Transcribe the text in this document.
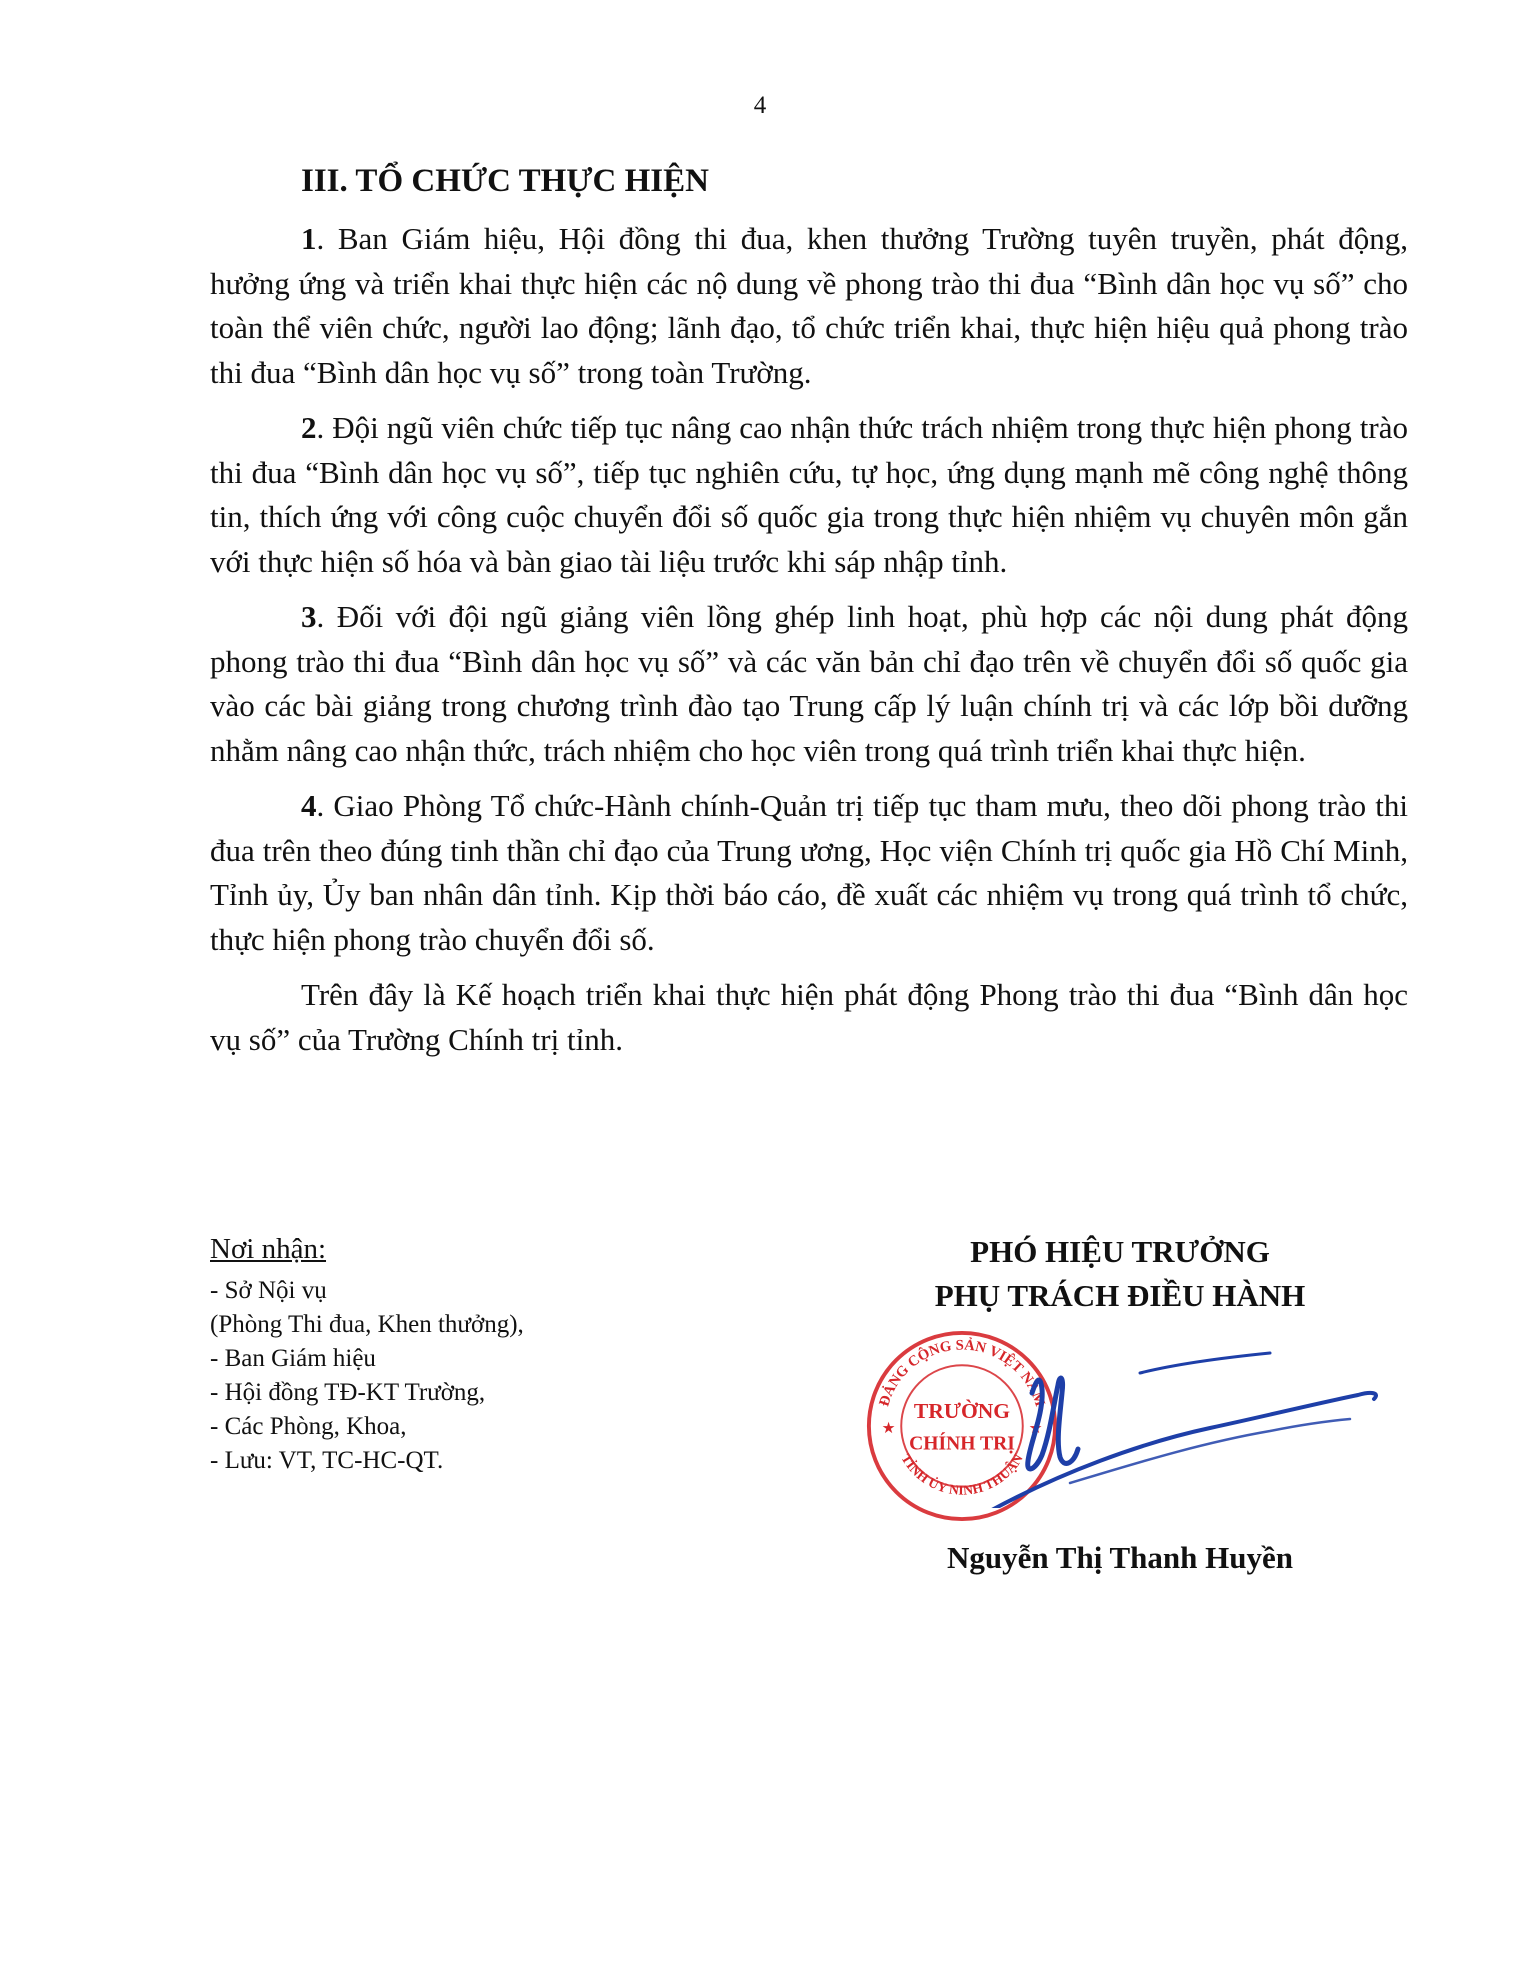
4
III. TỔ CHỨC THỰC HIỆN

1. Ban Giám hiệu, Hội đồng thi đua, khen thưởng Trường tuyên truyền, phát động, hưởng ứng và triển khai thực hiện các nộ dung về phong trào thi đua “Bình dân học vụ số” cho toàn thể viên chức, người lao động; lãnh đạo, tổ chức triển khai, thực hiện hiệu quả phong trào thi đua “Bình dân học vụ số” trong toàn Trường.

2. Đội ngũ viên chức tiếp tục nâng cao nhận thức trách nhiệm trong thực hiện phong trào thi đua “Bình dân học vụ số”, tiếp tục nghiên cứu, tự học, ứng dụng mạnh mẽ công nghệ thông tin, thích ứng với công cuộc chuyển đổi số quốc gia trong thực hiện nhiệm vụ chuyên môn gắn với thực hiện số hóa và bàn giao tài liệu trước khi sáp nhập tỉnh.

3. Đối với đội ngũ giảng viên lồng ghép linh hoạt, phù hợp các nội dung phát động phong trào thi đua “Bình dân học vụ số” và các văn bản chỉ đạo trên về chuyển đổi số quốc gia vào các bài giảng trong chương trình đào tạo Trung cấp lý luận chính trị và các lớp bồi dưỡng nhằm nâng cao nhận thức, trách nhiệm cho học viên trong quá trình triển khai thực hiện.

4. Giao Phòng Tổ chức-Hành chính-Quản trị tiếp tục tham mưu, theo dõi phong trào thi đua trên theo đúng tinh thần chỉ đạo của Trung ương, Học viện Chính trị quốc gia Hồ Chí Minh, Tỉnh ủy, Ủy ban nhân dân tỉnh. Kịp thời báo cáo, đề xuất các nhiệm vụ trong quá trình tổ chức, thực hiện phong trào chuyển đổi số.

Trên đây là Kế hoạch triển khai thực hiện phát động Phong trào thi đua “Bình dân học vụ số” của Trường Chính trị tỉnh.

Nơi nhận:
- Sở Nội vụ
(Phòng Thi đua, Khen thưởng),
- Ban Giám hiệu
- Hội đồng TĐ-KT Trường,
- Các Phòng, Khoa,
- Lưu: VT, TC-HC-QT.
PHÓ HIỆU TRƯỞNG
PHỤ TRÁCH ĐIỀU HÀNH
ĐẢNG CỘNG SẢN VIỆT NAM
TỈNH ỦY NINH THUẬN
TRƯỜNG
CHÍNH TRỊ
★	★
Nguyễn Thị Thanh Huyền
